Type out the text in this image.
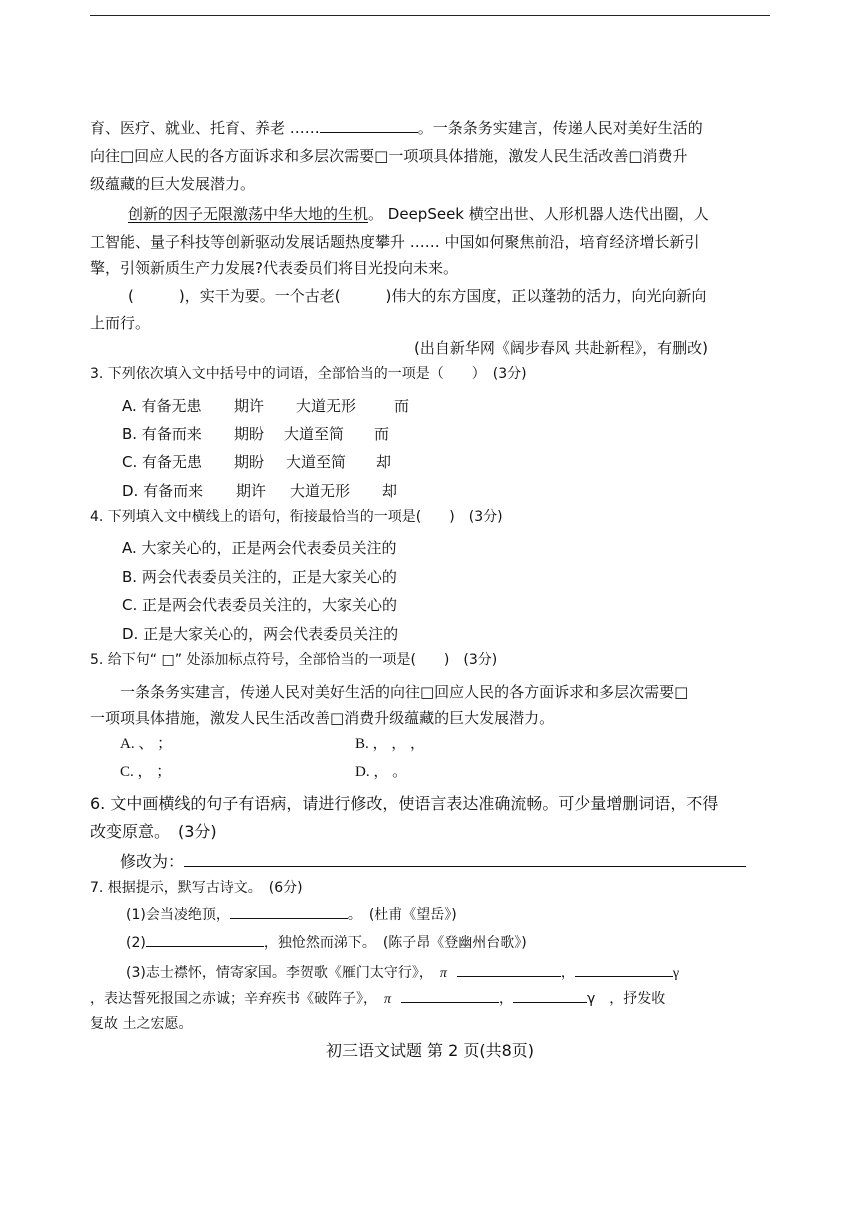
育、医疗、就业、托育、养老 ……	。一条条务实建言，传递人民对美好生活的
向往□回应人民的各方面诉求和多层次需要□一项项具体措施，激发人民生活改善□消费升
级蕴藏的巨大发展潜力。
创新的因子无限激荡中华大地的生机。 DeepSeek 横空出世、人形机器人迭代出圈，人
工智能、量子科技等创新驱动发展话题热度攀升 …… 中国如何聚焦前沿，培育经济增长新引
擎，引领新质生产力发展?代表委员们将目光投向未来。
(　　　)，实干为要。一个古老(　　　)伟大的东方国度，正以蓬勃的活力，向光向新向
上而行。
(出自新华网《阔步春风 共赴新程》，有删改)
3. 下列依次填入文中括号中的词语，全部恰当的一项是（　　）　(3分)
A. 有备无患 期许 大道无形	而
B. 有备而来 期盼 大道至简 而
C. 有备无患 期盼 大道至简 却
D. 有备而来 期许 大道无形 却
4. 下列填入文中横线上的语句，衔接最恰当的一项是(　　)　(3分)
A. 大家关心的，正是两会代表委员关注的
B. 两会代表委员关注的，正是大家关心的
C. 正是两会代表委员关注的，大家关心的
D. 正是大家关心的，两会代表委员关注的
5. 给下句“ □” 处添加标点符号，全部恰当的一项是(　　)　(3分)
一条条务实建言，传递人民对美好生活的向往□回应人民的各方面诉求和多层次需要□
一项项具体措施，激发人民生活改善□消费升级蕴藏的巨大发展潜力。
A. 、 ；	B. ， ， ，
C. ， ；	D. ， 。
6. 文中画横线的句子有语病，请进行修改，使语言表达准确流畅。可少量增删词语，不得
改变原意。　(3分)
修改为：
7. 根据提示，默写古诗文。　(6分)
(1)会当凌绝顶，	。　(杜甫《望岳》)
(2)	，独怆然而涕下。　(陈子昂《登幽州台歌》)
(3)志士襟怀，情寄家国。李贺歌《雁门太守行》，　π	，	γ
，表达誓死报国之赤诚；辛弃疾书《破阵子》，　π	，	γ　，抒发收
复故 土之宏愿。
初三语文试题 第 2 页(共8页)
